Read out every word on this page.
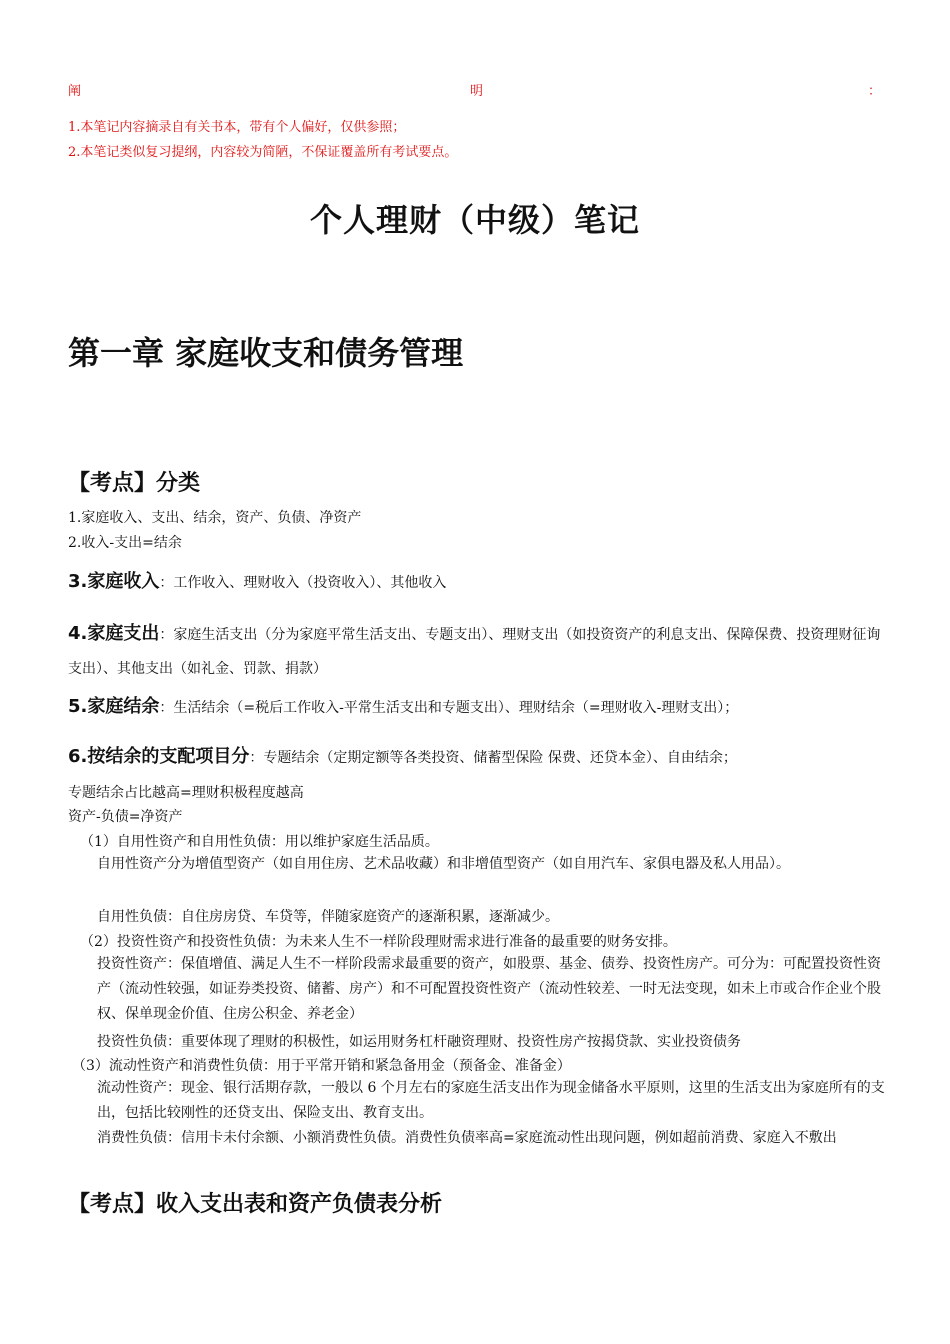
阐	明	：
1.本笔记内容摘录自有关书本，带有个人偏好，仅供参照；
2.本笔记类似复习提纲，内容较为简陋，不保证覆盖所有考试要点。
个人理财（中级）笔记
第一章 家庭收支和债务管理
【考点】分类
1.家庭收入、支出、结余，资产、负债、净资产
2.收入-支出=结余
3.家庭收入：工作收入、理财收入（投资收入）、其他收入
4.家庭支出：家庭生活支出（分为家庭平常生活支出、专题支出）、理财支出（如投资资产的利息支出、保障保费、投资理财征询支出）、其他支出（如礼金、罚款、捐款）
5.家庭结余：生活结余（=税后工作收入-平常生活支出和专题支出）、理财结余（=理财收入-理财支出）；
6.按结余的支配项目分：专题结余（定期定额等各类投资、储蓄型保险 保费、还贷本金）、自由结余；
专题结余占比越高=理财积极程度越高
资产-负债=净资产
（1）自用性资产和自用性负债：用以维护家庭生活品质。
自用性资产分为增值型资产（如自用住房、艺术品收藏）和非增值型资产（如自用汽车、家俱电器及私人用品）。
自用性负债：自住房房贷、车贷等，伴随家庭资产的逐渐积累，逐渐减少。
（2）投资性资产和投资性负债：为未来人生不一样阶段理财需求进行准备的最重要的财务安排。
投资性资产：保值增值、满足人生不一样阶段需求最重要的资产，如股票、基金、债券、投资性房产。可分为：可配置投资性资产（流动性较强，如证券类投资、储蓄、房产）和不可配置投资性资产（流动性较差、一时无法变现，如未上市或合作企业个股权、保单现金价值、住房公积金、养老金）
投资性负债：重要体现了理财的积极性，如运用财务杠杆融资理财、投资性房产按揭贷款、实业投资债务
（3）流动性资产和消费性负债：用于平常开销和紧急备用金（预备金、准备金）
流动性资产：现金、银行活期存款，一般以 6 个月左右的家庭生活支出作为现金储备水平原则，这里的生活支出为家庭所有的支出，包括比较刚性的还贷支出、保险支出、教育支出。
消费性负债：信用卡未付余额、小额消费性负债。消费性负债率高=家庭流动性出现问题，例如超前消费、家庭入不敷出
【考点】收入支出表和资产负债表分析
